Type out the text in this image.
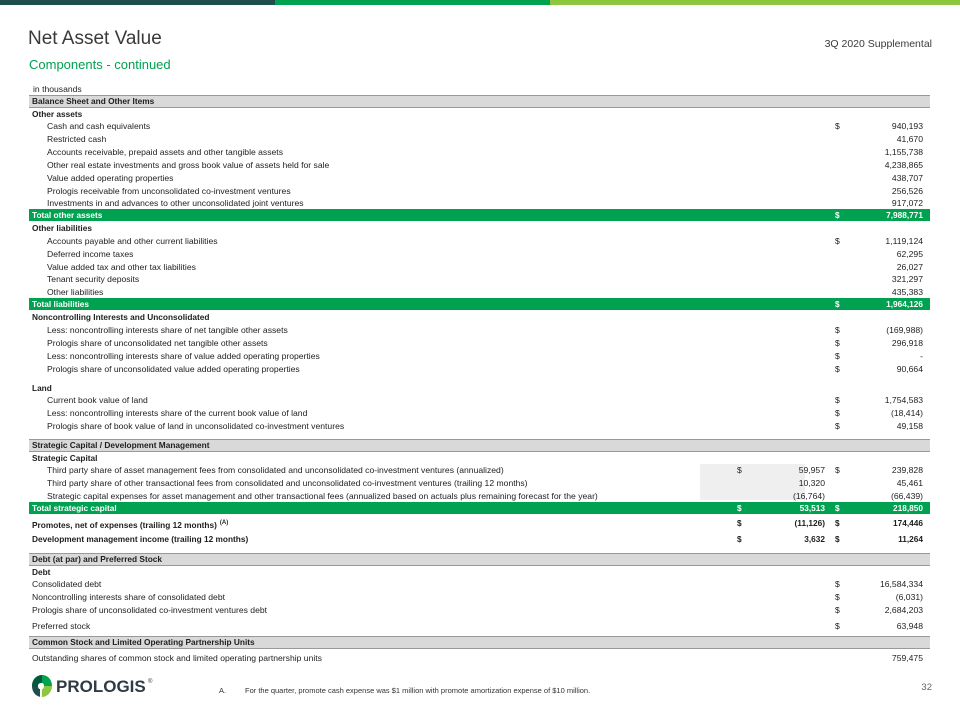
Net Asset Value
Components - continued
3Q 2020 Supplemental
in thousands
Balance Sheet and Other Items
Other assets
Cash and cash equivalents	$	940,193
Restricted cash	41,670
Accounts receivable, prepaid assets and other tangible assets	1,155,738
Other real estate investments and gross book value of assets held for sale	4,238,865
Value added operating properties	438,707
Prologis receivable from unconsolidated co-investment ventures	256,526
Investments in and advances to other unconsolidated joint ventures	917,072
Total other assets	$	7,988,771
Other liabilities
Accounts payable and other current liabilities	$	1,119,124
Deferred income taxes	62,295
Value added tax and other tax liabilities	26,027
Tenant security deposits	321,297
Other liabilities	435,383
Total liabilities	$	1,964,126
Noncontrolling Interests and Unconsolidated
Less: noncontrolling interests share of net tangible other assets	$	(169,988)
Prologis share of unconsolidated net tangible other assets	$	296,918
Less: noncontrolling interests share of value added operating properties	$	-
Prologis share of unconsolidated value added operating properties	$	90,664
Land
Current book value of land	$	1,754,583
Less: noncontrolling interests share of the current book value of land	$	(18,414)
Prologis share of book value of land in unconsolidated co-investment ventures	$	49,158
Strategic Capital / Development Management
Strategic Capital
Third party share of asset management fees from consolidated and unconsolidated co-investment ventures (annualized)	$	59,957 $	239,828
Third party share of other transactional fees from consolidated and unconsolidated co-investment ventures (trailing 12 months)	10,320	45,461
Strategic capital expenses for asset management and other transactional fees (annualized based on actuals plus remaining forecast for the year)	(16,764)	(66,439)
Total strategic capital	$	53,513 $	218,850
Promotes, net of expenses (trailing 12 months) $^{(A)}$	$	(11,126) $	174,446
Development management income (trailing 12 months)	$	3,632 $	11,264
Debt (at par) and Preferred Stock
Debt
Consolidated debt	$	16,584,334
Noncontrolling interests share of consolidated debt	$	(6,031)
Prologis share of unconsolidated co-investment ventures debt	$	2,684,203
Preferred stock	$	63,948
Common Stock and Limited Operating Partnership Units
Outstanding shares of common stock and limited operating partnership units	759,475
PROLOGIS ®
A.	For the quarter, promote cash expense was $1 million with promote amortization expense of $10 million.	32
